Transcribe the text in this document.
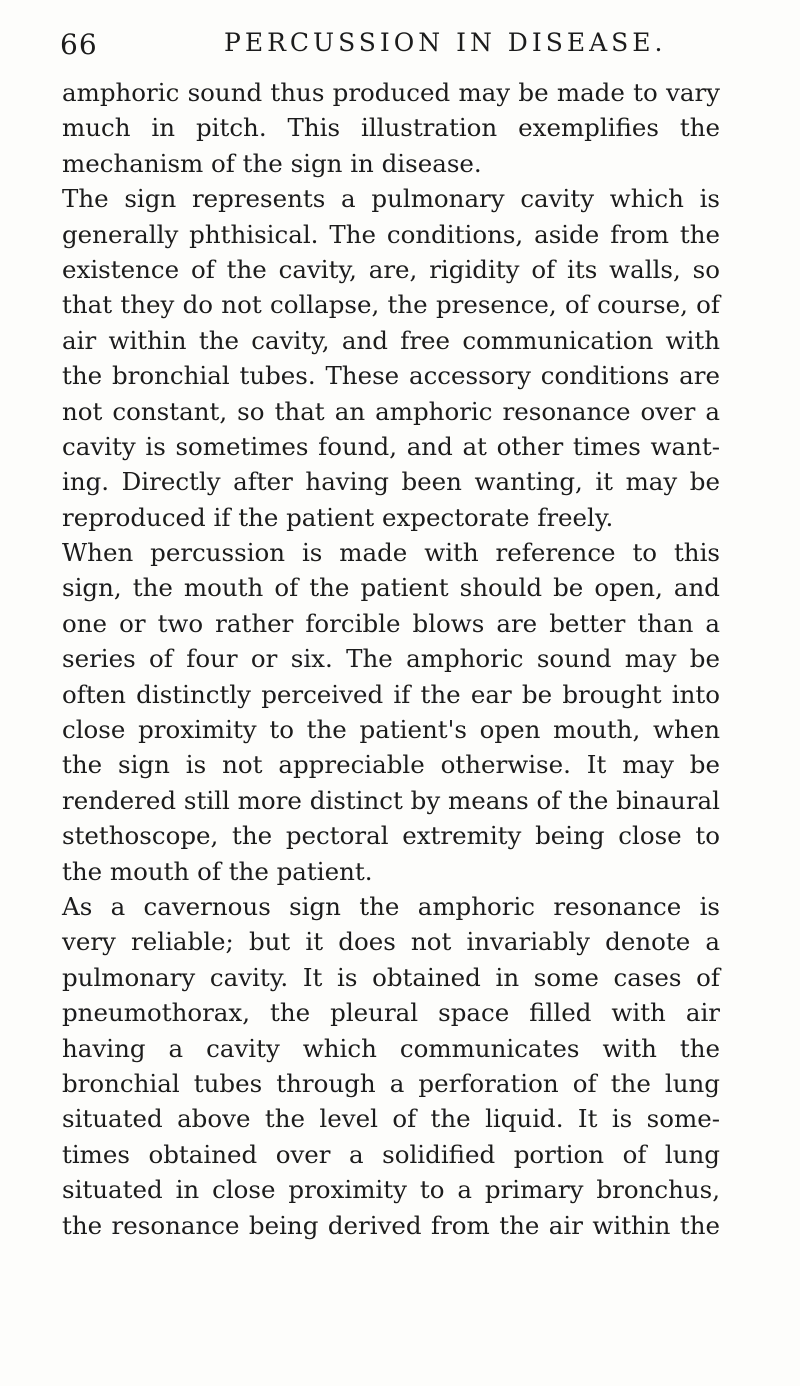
66	PERCUSSION IN DISEASE.
amphoric sound thus produced may be made to vary
much in pitch. This illustration exemplifies the
mechanism of the sign in disease.
The sign represents a pulmonary cavity which is
generally phthisical. The conditions, aside from the
existence of the cavity, are, rigidity of its walls, so
that they do not collapse, the presence, of course, of
air within the cavity, and free communication with
the bronchial tubes. These accessory conditions are
not constant, so that an amphoric resonance over a
cavity is sometimes found, and at other times want-
ing. Directly after having been wanting, it may be
reproduced if the patient expectorate freely.
When percussion is made with reference to this
sign, the mouth of the patient should be open, and
one or two rather forcible blows are better than a
series of four or six. The amphoric sound may be
often distinctly perceived if the ear be brought into
close proximity to the patient's open mouth, when
the sign is not appreciable otherwise. It may be
rendered still more distinct by means of the binaural
stethoscope, the pectoral extremity being close to
the mouth of the patient.
As a cavernous sign the amphoric resonance is
very reliable; but it does not invariably denote a
pulmonary cavity. It is obtained in some cases of
pneumothorax, the pleural space filled with air
having a cavity which communicates with the
bronchial tubes through a perforation of the lung
situated above the level of the liquid. It is some-
times obtained over a solidified portion of lung
situated in close proximity to a primary bronchus,
the resonance being derived from the air within the
